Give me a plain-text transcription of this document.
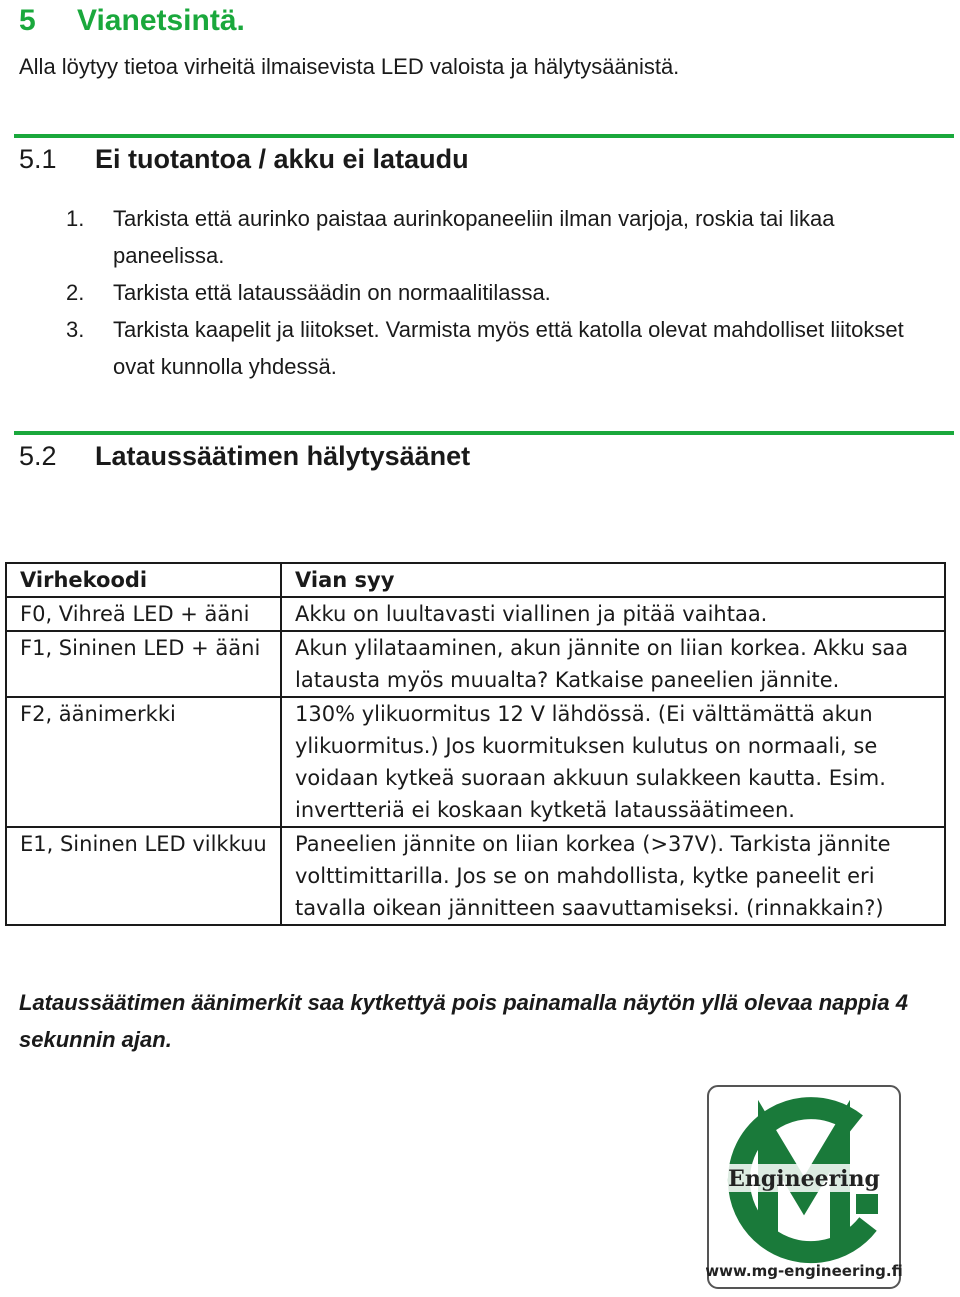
5 Vianetsintä.
Alla löytyy tietoa virheitä ilmaisevista LED valoista ja hälytysäänistä.
5.1 Ei tuotantoa / akku ei lataudu
1. Tarkista että aurinko paistaa aurinkopaneeliin ilman varjoja, roskia tai likaa paneelissa.
2. Tarkista että lataussäädin on normaalitilassa.
3. Tarkista kaapelit ja liitokset. Varmista myös että katolla olevat mahdolliset liitokset ovat kunnolla yhdessä.
5.2 Lataussäätimen hälytysäänet
Virhekoodi	Vian syy
F0, Vihreä LED + ääni	Akku on luultavasti viallinen ja pitää vaihtaa.
F1, Sininen LED + ääni	Akun ylilataaminen, akun jännite on liian korkea. Akku saa latausta myös muualta? Katkaise paneelien jännite.
F2, äänimerkki	130% ylikuormitus 12 V lähdössä. (Ei välttämättä akun ylikuormitus.) Jos kuormituksen kulutus on normaali, se voidaan kytkeä suoraan akkuun sulakkeen kautta. Esim. invertteriä ei koskaan kytketä lataussäätimeen.
E1, Sininen LED vilkkuu	Paneelien jännite on liian korkea (>37V). Tarkista jännite volttimittarilla. Jos se on mahdollista, kytke paneelit eri tavalla oikean jännitteen saavuttamiseksi. (rinnakkain?)
Lataussäätimen äänimerkit saa kytkettyä pois painamalla näytön yllä olevaa nappia 4 sekunnin ajan.
Engineering
www.mg-engineering.fi
